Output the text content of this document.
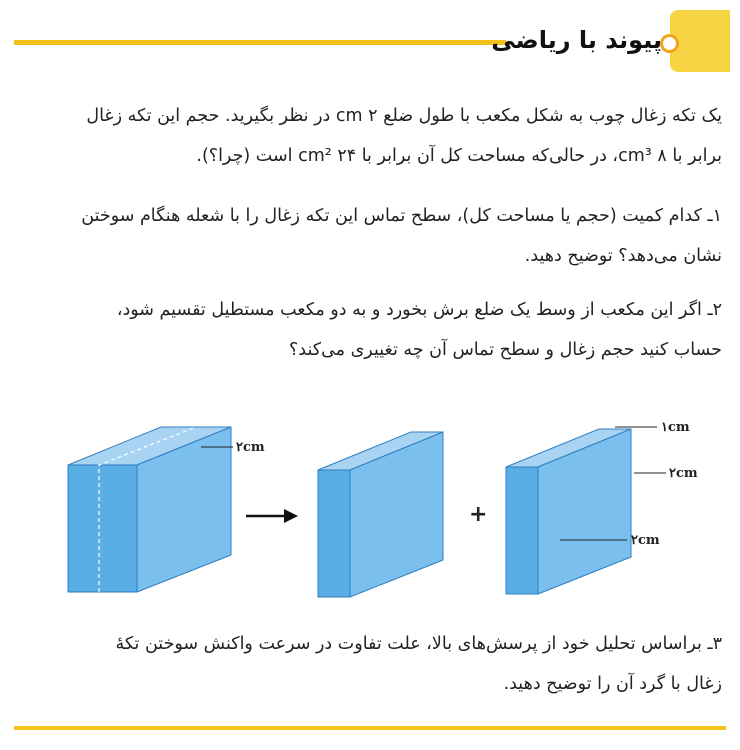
پیوند با ریاضی
یک تکه زغال چوب به شکل مکعب با طول ضلع ۲ cm در نظر بگیرید. حجم این تکه زغال
برابر با ۸ cm³، در حالی‌که مساحت کل آن برابر با ۲۴ cm² است (چرا؟).
۱ـ کدام کمیت (حجم یا مساحت کل)، سطح تماس این تکه زغال را با شعله هنگام سوختن
نشان می‌دهد؟ توضیح دهید.
۲ـ اگر این مکعب از وسط یک ضلع برش بخورد و به دو مکعب مستطیل تقسیم شود،
حساب کنید حجم زغال و سطح تماس آن چه تغییری می‌کند؟
۲cm
+
۱cm
۲cm
۲cm
۳ـ براساس تحلیل خود از پرسش‌های بالا، علت تفاوت در سرعت واکنش سوختن تکهٔ
زغال با گرد آن را توضیح دهید.
